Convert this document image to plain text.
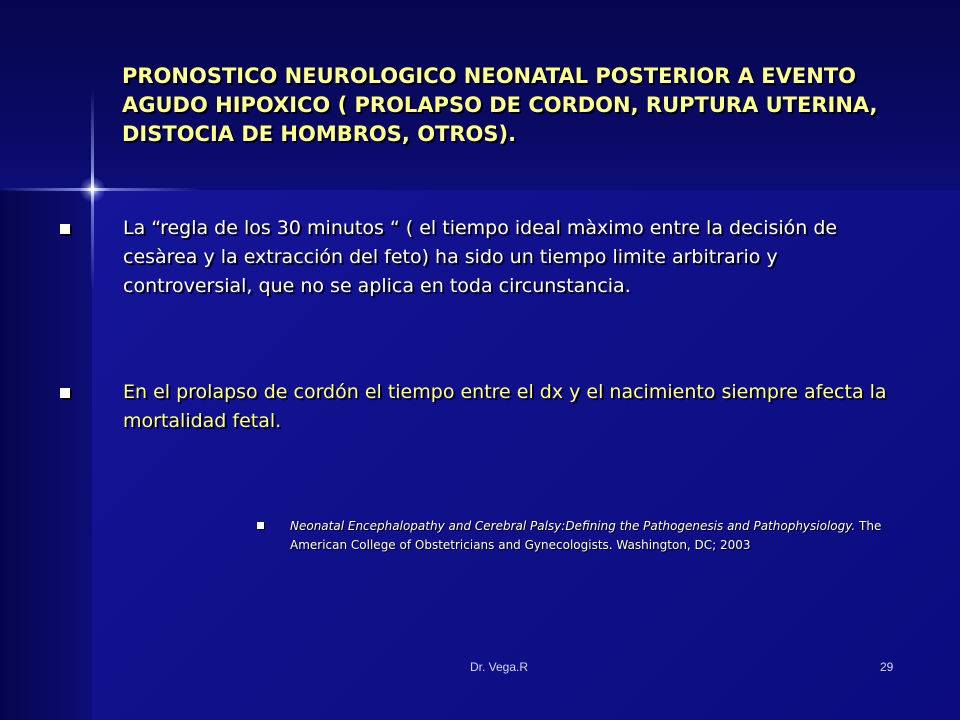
PRONOSTICO NEUROLOGICO NEONATAL POSTERIOR A EVENTO AGUDO HIPOXICO ( PROLAPSO DE CORDON, RUPTURA UTERINA, DISTOCIA DE HOMBROS, OTROS).
La “regla de los 30 minutos “ ( el tiempo ideal màximo entre la decisión de cesàrea y la extracción del feto) ha sido un tiempo limite arbitrario y controversial, que no se aplica en toda circunstancia.
En el prolapso de cordón el tiempo entre el dx y el nacimiento siempre afecta la mortalidad fetal.
Neonatal Encephalopathy and Cerebral Palsy:Defining the Pathogenesis and Pathophysiology. The American College of Obstetricians and Gynecologists. Washington, DC; 2003
Dr. Vega.R	29
